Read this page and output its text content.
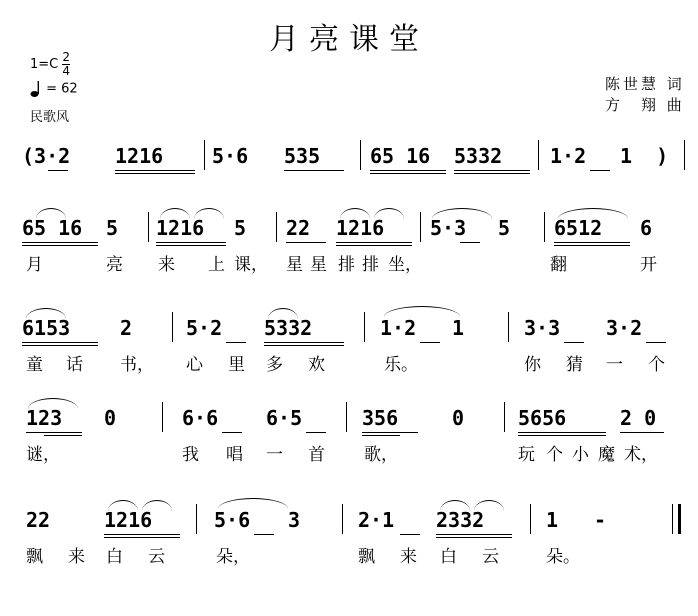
月亮课堂
$1=C \frac{2}{4}$
= 62
民歌风
陈世慧 词
方　翔 曲
(3·2 1216 5·6 535 65 16 5332 1·2 1  )
65 16 5 1216 5 22 1216 5·3 5 6512 6
月	亮 来 上 课， 星 星 排 排 坐，	翻	开
6153 2	5·2 5332	1·2 1	3·3 3·2
童 话 书， 心 里 多 欢	乐。	你 猜 一 个
123 0	6·6 6·5	356	0	5656	2 0
谜，	我 唱 一 首 歌，	玩 个 小 魔 术，
22	1216	5·6 3	2·1 2332	1 -
飘 来 白 云	朵，	飘 来 白 云	朵。
